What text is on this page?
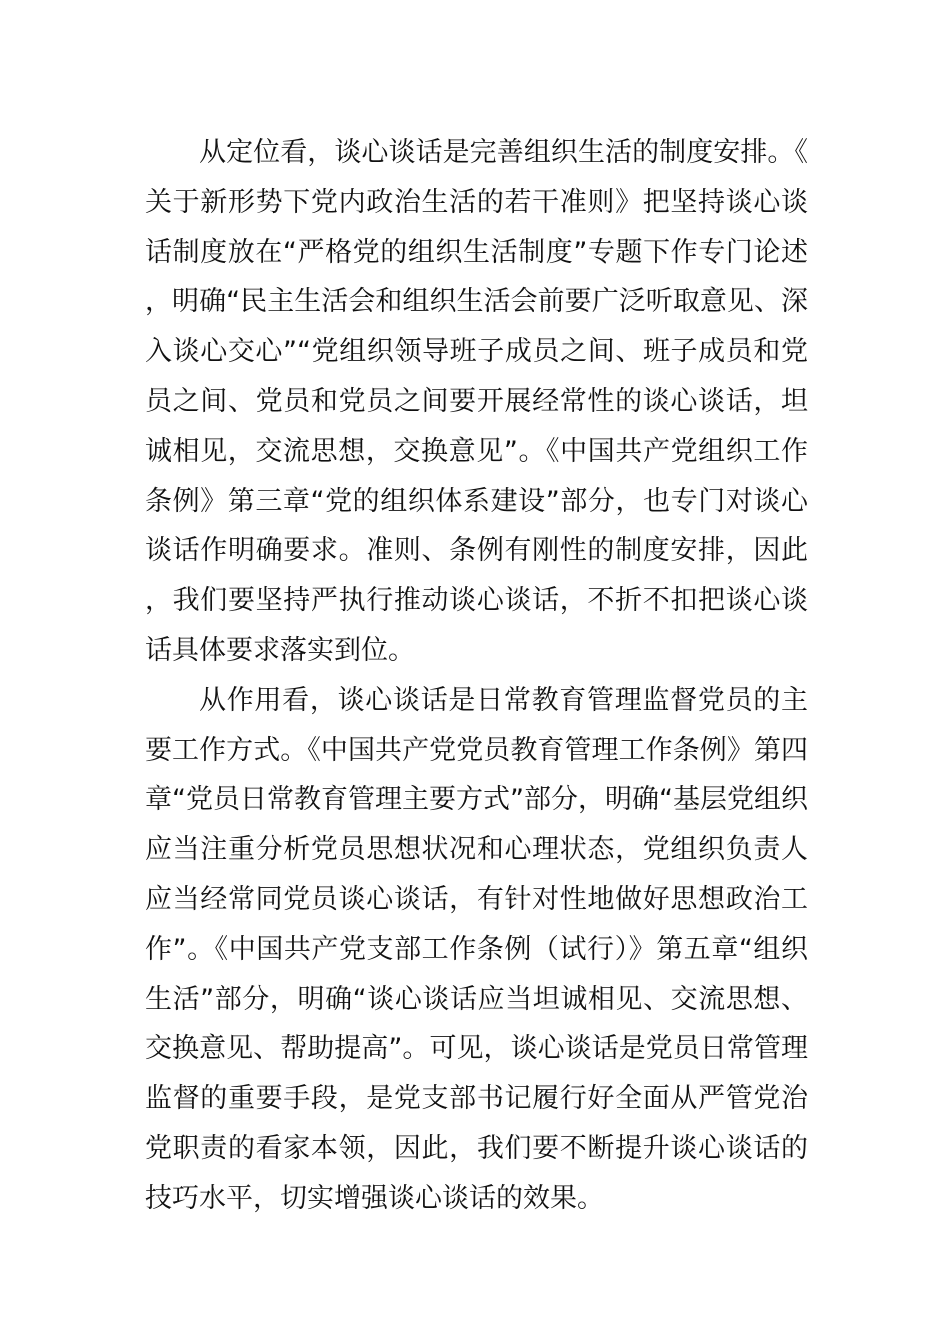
从定位看，谈心谈话是完善组织生活的制度安排。《关于新形势下党内政治生活的若干准则》把坚持谈心谈话制度放在“严格党的组织生活制度”专题下作专门论述，明确“民主生活会和组织生活会前要广泛听取意见、深入谈心交心”“党组织领导班子成员之间、班子成员和党员之间、党员和党员之间要开展经常性的谈心谈话，坦诚相见，交流思想，交换意见”。《中国共产党组织工作条例》第三章“党的组织体系建设”部分，也专门对谈心谈话作明确要求。准则、条例有刚性的制度安排，因此，我们要坚持严执行推动谈心谈话，不折不扣把谈心谈话具体要求落实到位。

从作用看，谈心谈话是日常教育管理监督党员的主要工作方式。《中国共产党党员教育管理工作条例》第四章“党员日常教育管理主要方式”部分，明确“基层党组织应当注重分析党员思想状况和心理状态，党组织负责人应当经常同党员谈心谈话，有针对性地做好思想政治工作”。《中国共产党支部工作条例（试行）》第五章“组织生活”部分，明确“谈心谈话应当坦诚相见、交流思想、交换意见、帮助提高”。可见，谈心谈话是党员日常管理监督的重要手段，是党支部书记履行好全面从严管党治党职责的看家本领，因此，我们要不断提升谈心谈话的技巧水平，切实增强谈心谈话的效果。
